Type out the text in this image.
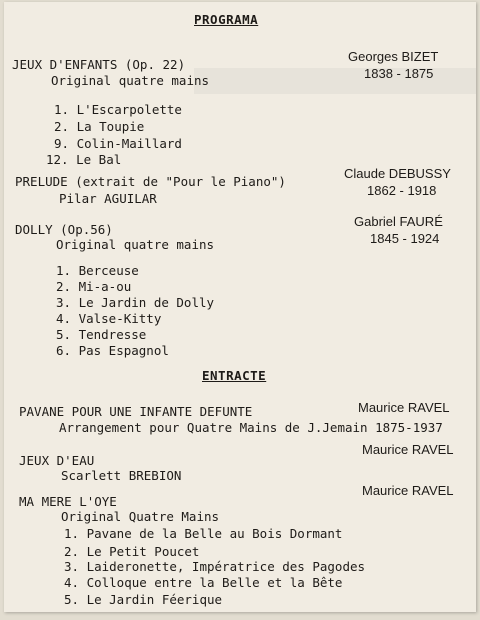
PROGRAMA
JEUX D'ENFANTS (Op. 22)
Georges BIZET
1838 - 1875
Original quatre mains
1. L'Escarpolette
2. La Toupie
9. Colin-Maillard
12. Le Bal
PRELUDE (extrait de "Pour le Piano")
Claude DEBUSSY
1862 - 1918
Pilar AGUILAR
DOLLY (Op.56)
Gabriel FAURÉ
1845 - 1924
Original quatre mains
1. Berceuse
2. Mi-a-ou
3. Le Jardin de Dolly
4. Valse-Kitty
5. Tendresse
6. Pas Espagnol
ENTRACTE
PAVANE POUR UNE INFANTE DEFUNTE	Maurice RAVEL
Arrangement pour Quatre Mains de J.Jemain 1875-1937
JEUX D'EAU
Maurice RAVEL
Scarlett BREBION
MA MERE L'OYE
Maurice RAVEL
Original Quatre Mains
1. Pavane de la Belle au Bois Dormant
2. Le Petit Poucet
3. Laideronette, Impératrice des Pagodes
4. Colloque entre la Belle et la Bête
5. Le Jardin Féerique
